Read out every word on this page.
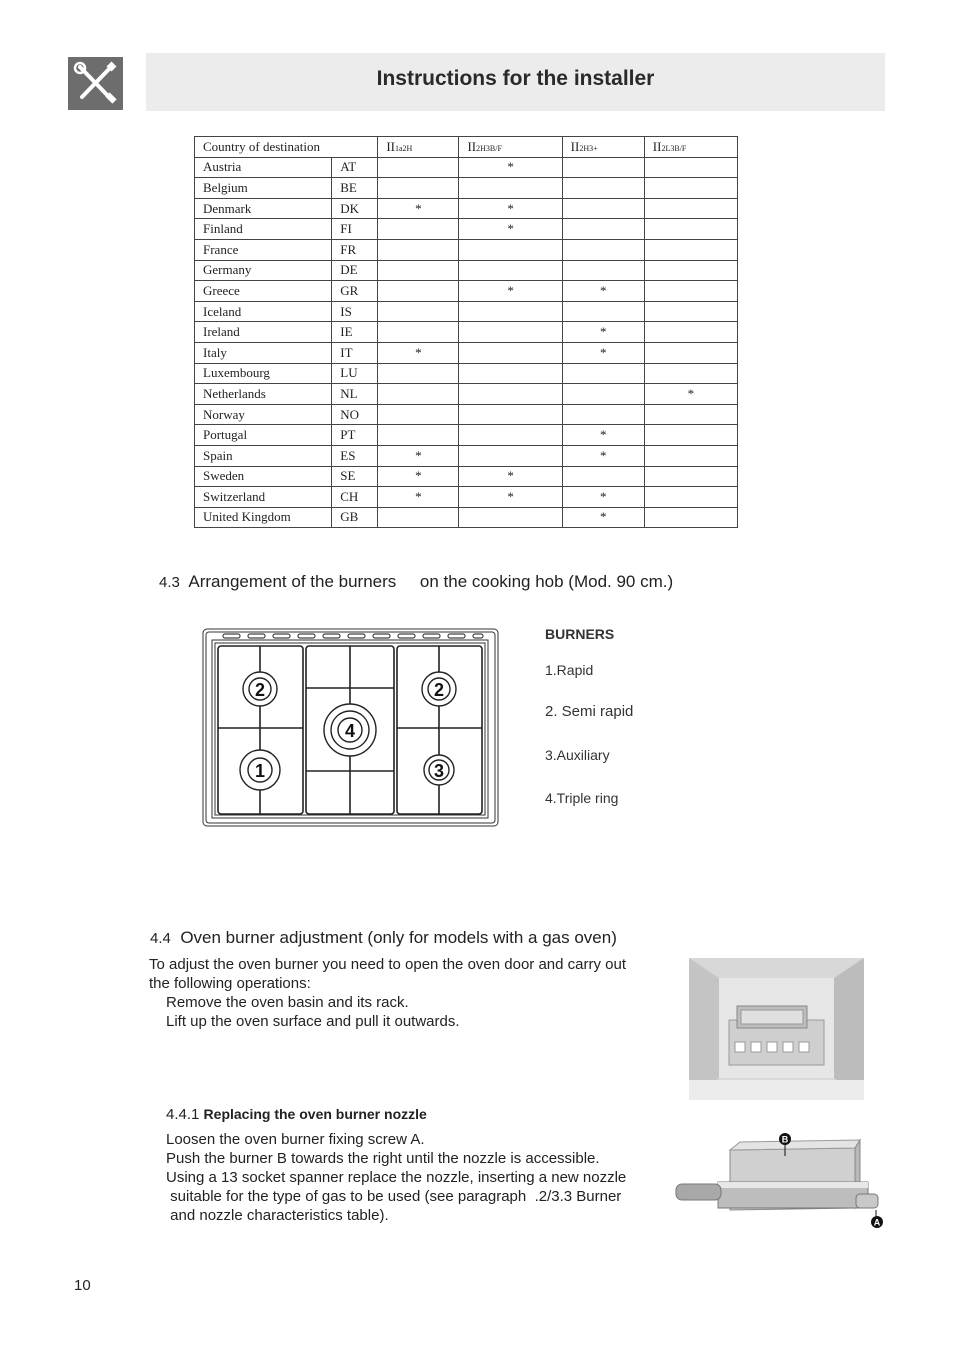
Instructions for the installer
Country of destination		II1a2H	II2H3B/F	II2H3+	II2L3B/F
Austria	AT		*		
Belgium	BE				
Denmark	DK	*	*		
Finland	FI		*		
France	FR				
Germany	DE				
Greece	GR		*	*	
Iceland	IS				
Ireland	IE			*	
Italy	IT	*		*	
Luxembourg	LU				
Netherlands	NL				*
Norway	NO				
Portugal	PT			*	
Spain	ES	*		*	
Sweden	SE	*	*		
Switzerland	CH	*	*	*	
United Kingdom	GB			*	
4.3 Arrangement of the burners on the cooking hob (Mod. 90 cm.)
2	2
4
1	3
BURNERS
1.Rapid
2. Semi rapid
3.Auxiliary
4.Triple ring
4.4 Oven burner adjustment (only for models with a gas oven)
To adjust the oven burner you need to open the oven door and carry out
the following operations:
Remove the oven basin and its rack.
Lift up the oven surface and pull it outwards.
4.4.1 Replacing the oven burner nozzle
Loosen the oven burner fixing screw A.
Push the burner B towards the right until the nozzle is accessible.
Using a 13 socket spanner replace the nozzle, inserting a new nozzle
suitable for the type of gas to be used (see paragraph  .2/3.3 Burner
and nozzle characteristics table).
B
A
10
